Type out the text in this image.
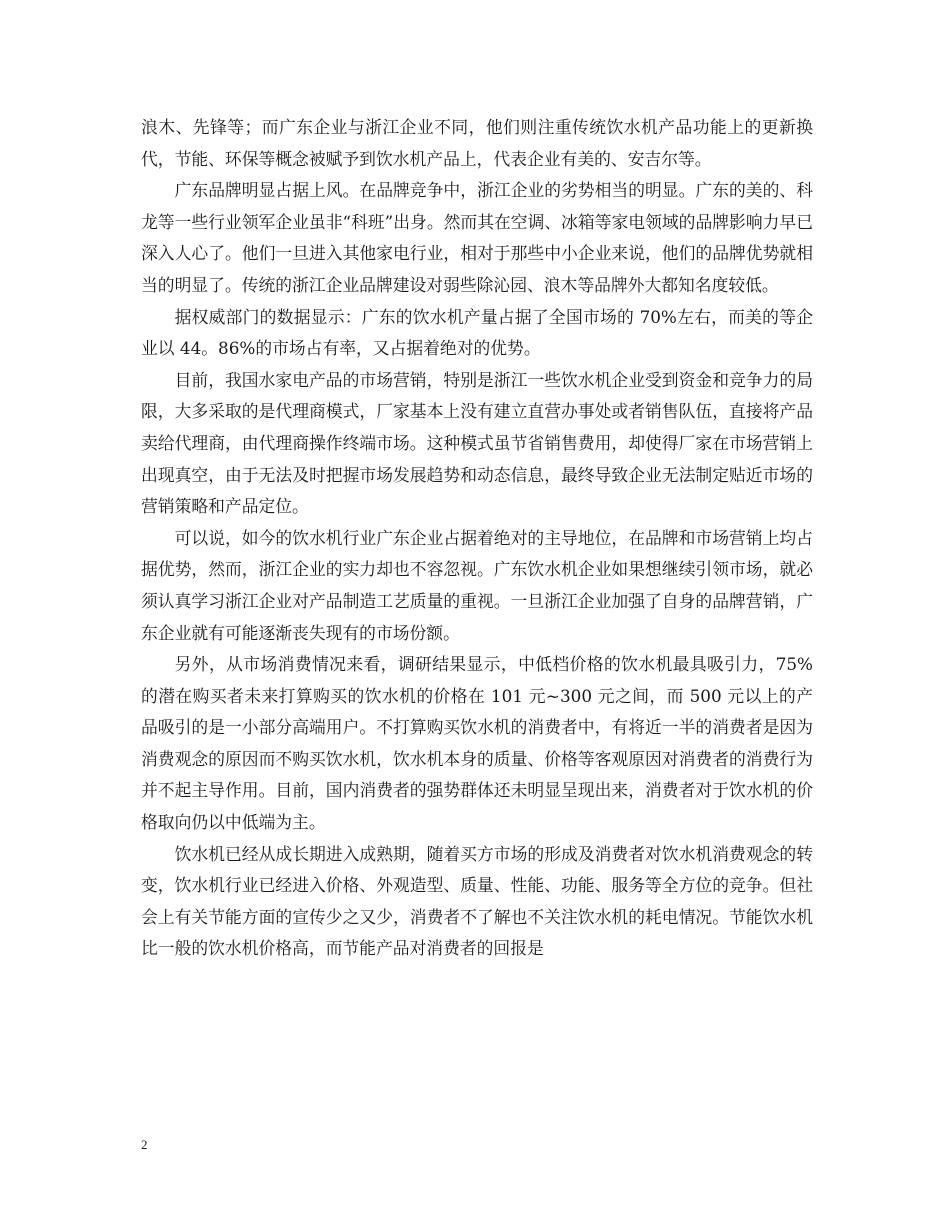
浪木、先锋等；而广东企业与浙江企业不同，他们则注重传统饮水机产品功能上的更新换代，节能、环保等概念被赋予到饮水机产品上，代表企业有美的、安吉尔等。

广东品牌明显占据上风。在品牌竞争中，浙江企业的劣势相当的明显。广东的美的、科龙等一些行业领军企业虽非“科班”出身。然而其在空调、冰箱等家电领域的品牌影响力早已深入人心了。他们一旦进入其他家电行业，相对于那些中小企业来说，他们的品牌优势就相当的明显了。传统的浙江企业品牌建设对弱些除沁园、浪木等品牌外大都知名度较低。

据权威部门的数据显示：广东的饮水机产量占据了全国市场的 70%左右，而美的等企业以 44。86%的市场占有率，又占据着绝对的优势。

目前，我国水家电产品的市场营销，特别是浙江一些饮水机企业受到资金和竞争力的局限，大多采取的是代理商模式，厂家基本上没有建立直营办事处或者销售队伍，直接将产品卖给代理商，由代理商操作终端市场。这种模式虽节省销售费用，却使得厂家在市场营销上出现真空，由于无法及时把握市场发展趋势和动态信息，最终导致企业无法制定贴近市场的营销策略和产品定位。

可以说，如今的饮水机行业广东企业占据着绝对的主导地位，在品牌和市场营销上均占据优势，然而，浙江企业的实力却也不容忽视。广东饮水机企业如果想继续引领市场，就必须认真学习浙江企业对产品制造工艺质量的重视。一旦浙江企业加强了自身的品牌营销，广东企业就有可能逐渐丧失现有的市场份额。

另外，从市场消费情况来看，调研结果显示，中低档价格的饮水机最具吸引力，75%的潜在购买者未来打算购买的饮水机的价格在 101 元~300 元之间，而 500 元以上的产品吸引的是一小部分高端用户。不打算购买饮水机的消费者中，有将近一半的消费者是因为消费观念的原因而不购买饮水机，饮水机本身的质量、价格等客观原因对消费者的消费行为并不起主导作用。目前，国内消费者的强势群体还未明显呈现出来，消费者对于饮水机的价格取向仍以中低端为主。

饮水机已经从成长期进入成熟期，随着买方市场的形成及消费者对饮水机消费观念的转变，饮水机行业已经进入价格、外观造型、质量、性能、功能、服务等全方位的竞争。但社会上有关节能方面的宣传少之又少，消费者不了解也不关注饮水机的耗电情况。节能饮水机比一般的饮水机价格高，而节能产品对消费者的回报是

2
